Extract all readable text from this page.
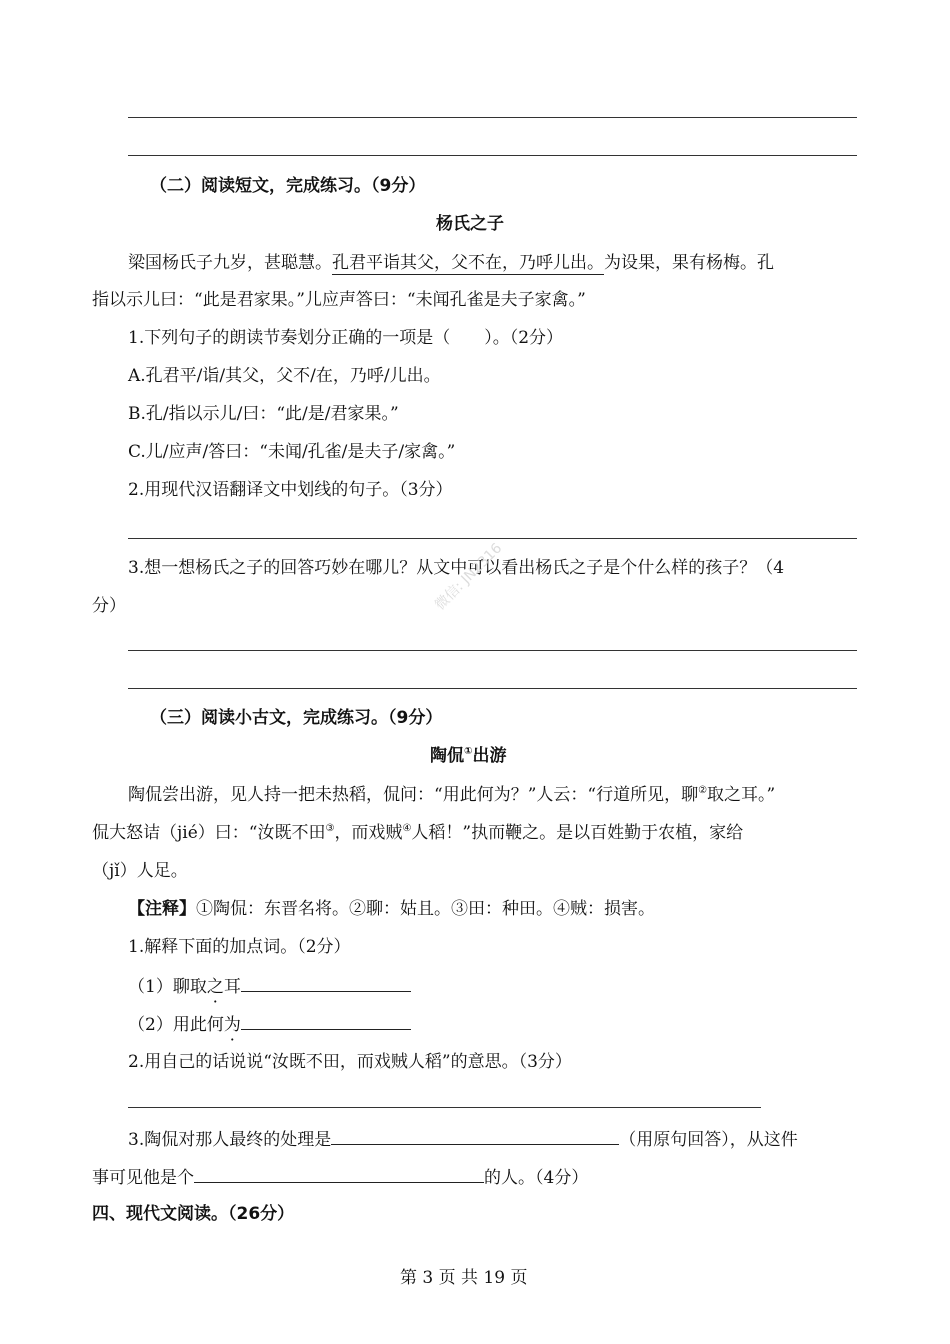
（二）阅读短文，完成练习。（9分）
杨氏之子
梁国杨氏子九岁，甚聪慧。孔君平诣其父，父不在，乃呼儿出。为设果，果有杨梅。孔
指以示儿曰：“此是君家果。”儿应声答曰：“未闻孔雀是夫子家禽。”
1.下列句子的朗读节奏划分正确的一项是（　　）。（2分）
A.孔君平/诣/其父，父不/在，乃呼/儿出。
B.孔/指以示儿/曰：“此/是/君家果。”
C.儿/应声/答曰：“未闻/孔雀/是夫子/家禽。”
2.用现代汉语翻译文中划线的句子。（3分）
3.想一想杨氏之子的回答巧妙在哪儿？从文中可以看出杨氏之子是个什么样的孩子？（4
分）
（三）阅读小古文，完成练习。（9分）
陶侃①出游
陶侃尝出游，见人持一把未热稻，侃问：“用此何为？”人云：“行道所见，聊②取之耳。”
侃大怒诘（jié）曰：“汝既不田③，而戏贼④人稻！”执而鞭之。是以百姓勤于农植，家给
（jǐ）人足。
【注释】①陶侃：东晋名将。②聊：姑且。③田：种田。④贼：损害。
1.解释下面的加点词。（2分）
（1）聊取之耳
（2）用此何为
2.用自己的话说说“汝既不田，而戏贼人稻”的意思。（3分）
3.陶侃对那人最终的处理是	（用原句回答），从这件
事可见他是个	的人。（4分）
四、现代文阅读。（26分）
微信: JN2316
第 3 页 共 19 页
